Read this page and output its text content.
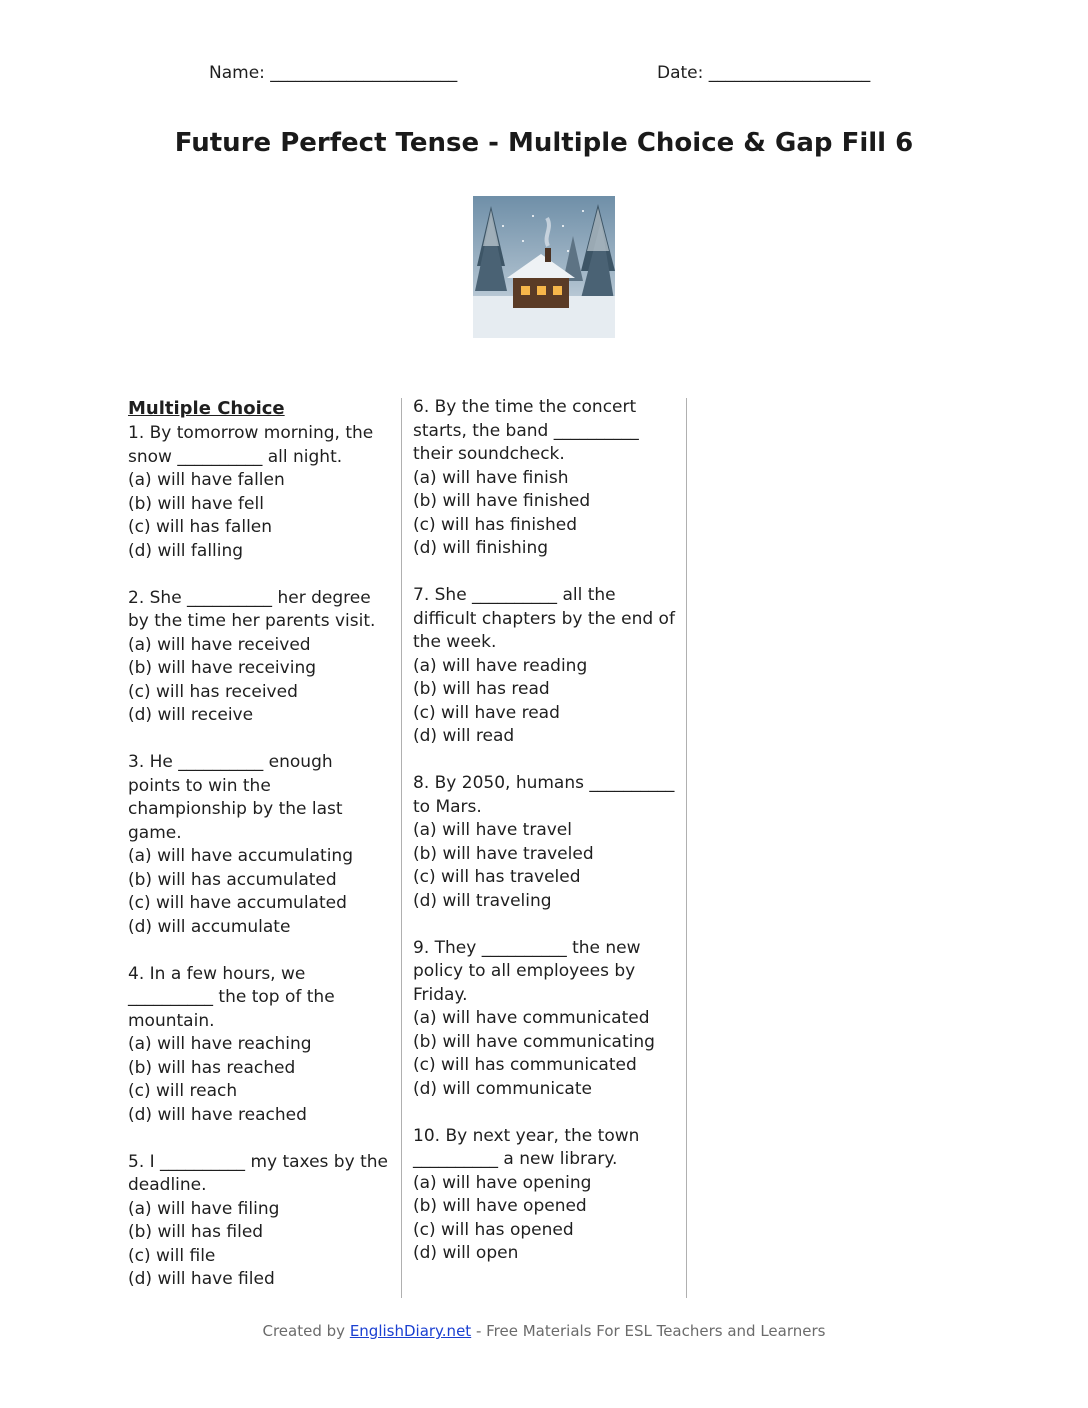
Name: ______________________	Date: ___________________
Future Perfect Tense - Multiple Choice & Gap Fill 6

Multiple Choice

1. By tomorrow morning, the snow __________ all night.

(a) will have fallen

(b) will have fell

(c) will has fallen

(d) will falling

2. She __________ her degree by the time her parents visit.

(a) will have received

(b) will have receiving

(c) will has received

(d) will receive

3. He __________ enough points to win the championship by the last game.

(a) will have accumulating

(b) will has accumulated

(c) will have accumulated

(d) will accumulate

4. In a few hours, we __________ the top of the mountain.

(a) will have reaching

(b) will has reached

(c) will reach

(d) will have reached

5. I __________ my taxes by the deadline.

(a) will have filing

(b) will has filed

(c) will file

(d) will have filed

6. By the time the concert starts, the band __________ their soundcheck.

(a) will have finish

(b) will have finished

(c) will has finished

(d) will finishing

7. She __________ all the difficult chapters by the end of the week.

(a) will have reading

(b) will has read

(c) will have read

(d) will read

8. By 2050, humans __________ to Mars.

(a) will have travel

(b) will have traveled

(c) will has traveled

(d) will traveling

9. They __________ the new policy to all employees by Friday.

(a) will have communicated

(b) will have communicating

(c) will has communicated

(d) will communicate

10. By next year, the town __________ a new library.

(a) will have opening

(b) will have opened

(c) will has opened

(d) will open

Created by EnglishDiary.net - Free Materials For ESL Teachers and Learners
